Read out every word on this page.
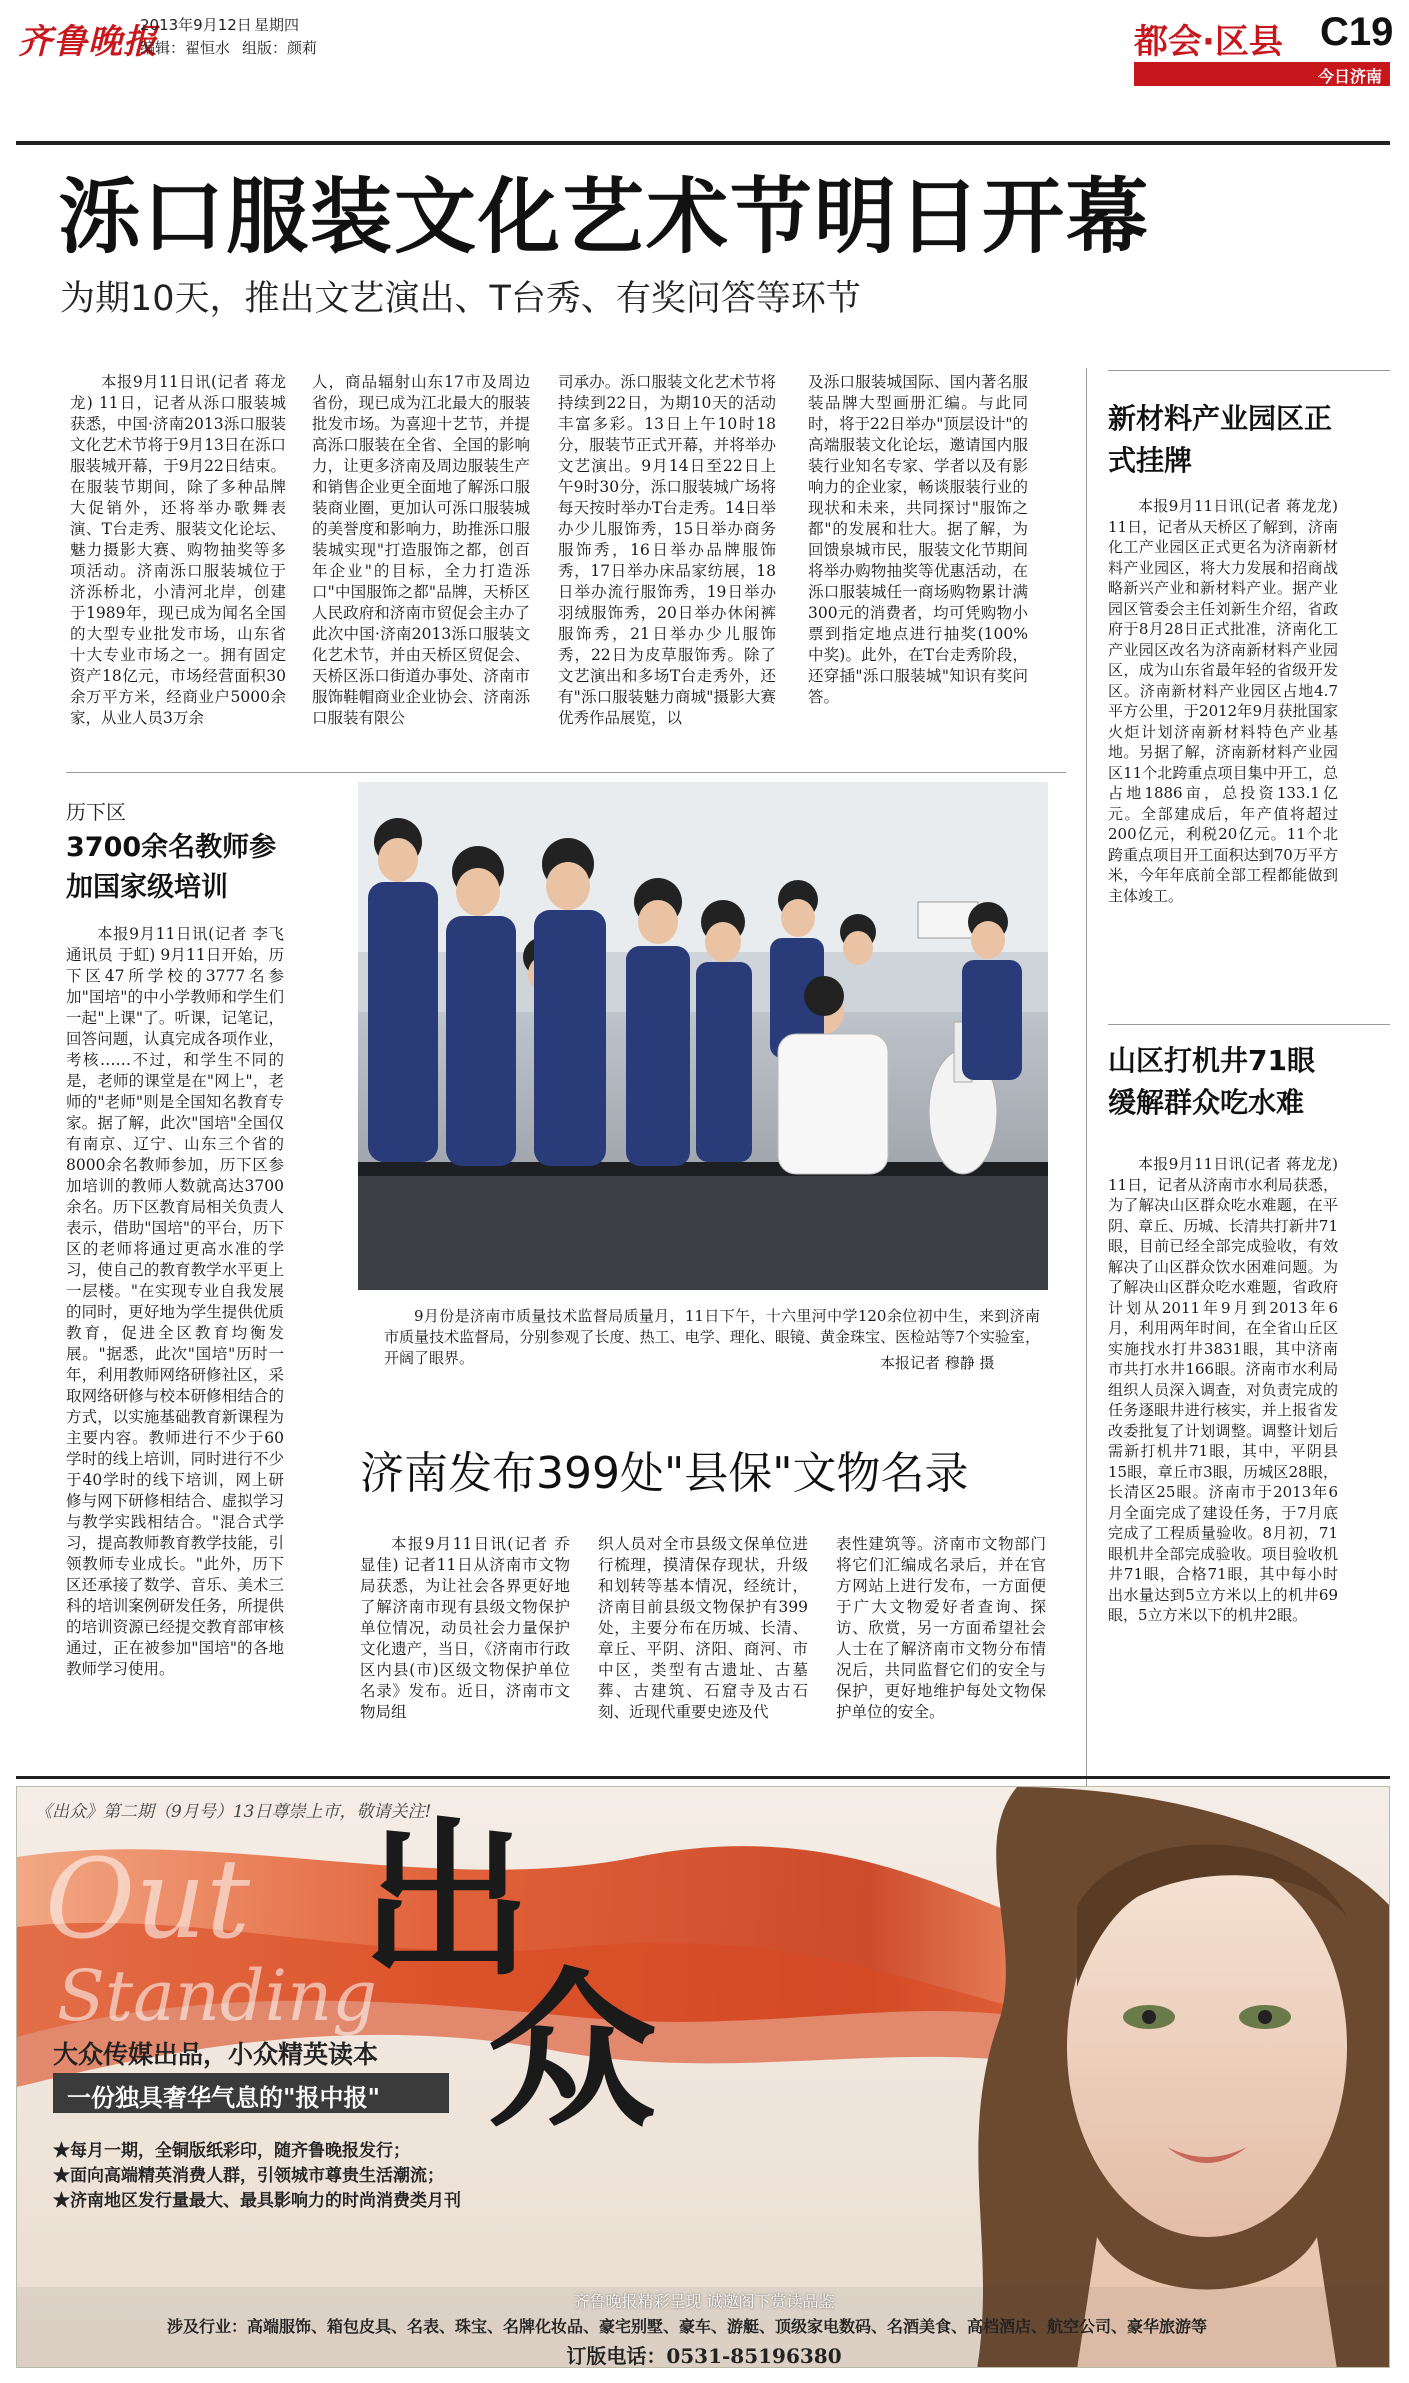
齐鲁晚报
2013年9月12日 星期四
编辑：翟恒水 组版：颜莉	都会·区县 C19
今日济南
泺口服装文化艺术节明日开幕
为期10天，推出文艺演出、T台秀、有奖问答等环节
本报9月11日讯(记者 蒋龙龙) 11日，记者从泺口服装城获悉，中国·济南2013泺口服装文化艺术节将于9月13日在泺口服装城开幕，于9月22日结束。在服装节期间，除了多种品牌大促销外，还将举办歌舞表演、T台走秀、服装文化论坛、魅力摄影大赛、购物抽奖等多项活动。济南泺口服装城位于济泺桥北，小清河北岸，创建于1989年，现已成为闻名全国的大型专业批发市场，山东省十大专业市场之一。拥有固定资产18亿元，市场经营面积30余万平方米，经商业户5000余家，从业人员3万余
人，商品辐射山东17市及周边省份，现已成为江北最大的服装批发市场。为喜迎十艺节，并提高泺口服装在全省、全国的影响力，让更多济南及周边服装生产和销售企业更全面地了解泺口服装商业圈，更加认可泺口服装城的美誉度和影响力，助推泺口服装城实现"打造服饰之都，创百年企业"的目标，全力打造泺口"中国服饰之都"品牌，天桥区人民政府和济南市贸促会主办了此次中国·济南2013泺口服装文化艺术节，并由天桥区贸促会、天桥区泺口街道办事处、济南市服饰鞋帽商业企业协会、济南泺口服装有限公
司承办。泺口服装文化艺术节将持续到22日，为期10天的活动丰富多彩。13日上午10时18分，服装节正式开幕，并将举办文艺演出。9月14日至22日上午9时30分，泺口服装城广场将每天按时举办T台走秀。14日举办少儿服饰秀，15日举办商务服饰秀，16日举办品牌服饰秀，17日举办床品家纺展，18日举办流行服饰秀，19日举办羽绒服饰秀，20日举办休闲裤服饰秀，21日举办少儿服饰秀，22日为皮草服饰秀。除了文艺演出和多场T台走秀外，还有"泺口服装魅力商城"摄影大赛优秀作品展览，以
及泺口服装城国际、国内著名服装品牌大型画册汇编。与此同时，将于22日举办"顶层设计"的高端服装文化论坛，邀请国内服装行业知名专家、学者以及有影响力的企业家，畅谈服装行业的现状和未来，共同探讨"服饰之都"的发展和壮大。据了解，为回馈泉城市民，服装文化节期间将举办购物抽奖等优惠活动，在泺口服装城任一商场购物累计满300元的消费者，均可凭购物小票到指定地点进行抽奖(100%中奖)。此外，在T台走秀阶段，还穿插"泺口服装城"知识有奖问答。
新材料产业园区正式挂牌
本报9月11日讯(记者 蒋龙龙) 11日，记者从天桥区了解到，济南化工产业园区正式更名为济南新材料产业园区，将大力发展和招商战略新兴产业和新材料产业。据产业园区管委会主任刘新生介绍，省政府于8月28日正式批准，济南化工产业园区改名为济南新材料产业园区，成为山东省最年轻的省级开发区。济南新材料产业园区占地4.7平方公里，于2012年9月获批国家火炬计划济南新材料特色产业基地。另据了解，济南新材料产业园区11个北跨重点项目集中开工，总占地1886亩，总投资133.1亿元。全部建成后，年产值将超过200亿元，利税20亿元。11个北跨重点项目开工面积达到70万平方米，今年年底前全部工程都能做到主体竣工。
山区打机井71眼缓解群众吃水难
本报9月11日讯(记者 蒋龙龙) 11日，记者从济南市水利局获悉，为了解决山区群众吃水难题，在平阴、章丘、历城、长清共打新井71眼，目前已经全部完成验收，有效解决了山区群众饮水困难问题。为了解决山区群众吃水难题，省政府计划从2011年9月到2013年6月，利用两年时间，在全省山丘区实施找水打井3831眼，其中济南市共打水井166眼。济南市水利局组织人员深入调查，对负责完成的任务逐眼井进行核实，并上报省发改委批复了计划调整。调整计划后需新打机井71眼，其中，平阴县15眼，章丘市3眼，历城区28眼，长清区25眼。济南市于2013年6月全面完成了建设任务，于7月底完成了工程质量验收。8月初，71眼机井全部完成验收。项目验收机井71眼，合格71眼，其中每小时出水量达到5立方米以上的机井69眼，5立方米以下的机井2眼。
历下区
3700余名教师参加国家级培训
本报9月11日讯(记者 李飞 通讯员 于虹) 9月11日开始，历下区47所学校的3777名参加"国培"的中小学教师和学生们一起"上课"了。听课，记笔记，回答问题，认真完成各项作业，考核……不过，和学生不同的是，老师的课堂是在"网上"，老师的"老师"则是全国知名教育专家。据了解，此次"国培"全国仅有南京、辽宁、山东三个省的8000余名教师参加，历下区参加培训的教师人数就高达3700余名。历下区教育局相关负责人表示，借助"国培"的平台，历下区的老师将通过更高水准的学习，使自己的教育教学水平更上一层楼。"在实现专业自我发展的同时，更好地为学生提供优质教育，促进全区教育均衡发展。"据悉，此次"国培"历时一年，利用教师网络研修社区，采取网络研修与校本研修相结合的方式，以实施基础教育新课程为主要内容。教师进行不少于60学时的线上培训，同时进行不少于40学时的线下培训，网上研修与网下研修相结合、虚拟学习与教学实践相结合。"混合式学习，提高教师教育教学技能，引领教师专业成长。"此外，历下区还承接了数学、音乐、美术三科的培训案例研发任务，所提供的培训资源已经提交教育部审核通过，正在被参加"国培"的各地教师学习使用。
9月份是济南市质量技术监督局质量月，11日下午，十六里河中学120余位初中生，来到济南市质量技术监督局，分别参观了长度、热工、电学、理化、眼镜、黄金珠宝、医检站等7个实验室，开阔了眼界。	本报记者 穆静 摄
济南发布399处"县保"文物名录
本报9月11日讯(记者 乔显佳) 记者11日从济南市文物局获悉，为让社会各界更好地了解济南市现有县级文物保护单位情况，动员社会力量保护文化遗产，当日，《济南市行政区内县(市)区级文物保护单位名录》发布。近日，济南市文物局组
织人员对全市县级文保单位进行梳理，摸清保存现状，升级和划转等基本情况，经统计，济南目前县级文物保护有399处，主要分布在历城、长清、章丘、平阴、济阳、商河、市中区，类型有古遗址、古墓葬、古建筑、石窟寺及古石刻、近现代重要史迹及代
表性建筑等。济南市文物部门将它们汇编成名录后，并在官方网站上进行发布，一方面便于广大文物爱好者查询、探访、欣赏，另一方面希望社会人士在了解济南市文物分布情况后，共同监督它们的安全与保护，更好地维护每处文物保护单位的安全。
《出众》第二期（9月号）13日尊崇上市，敬请关注!
Out
Standing
出
众
大众传媒出品，小众精英读本
一份独具奢华气息的"报中报"
★每月一期，全铜版纸彩印，随齐鲁晚报发行；
★面向高端精英消费人群，引领城市尊贵生活潮流；
★济南地区发行量最大、最具影响力的时尚消费类月刊
齐鲁晚报精彩呈现 诚邀阁下赏读品鉴
涉及行业：高端服饰、箱包皮具、名表、珠宝、名牌化妆品、豪宅别墅、豪车、游艇、顶级家电数码、名酒美食、高档酒店、航空公司、豪华旅游等
订版电话：0531-85196380
